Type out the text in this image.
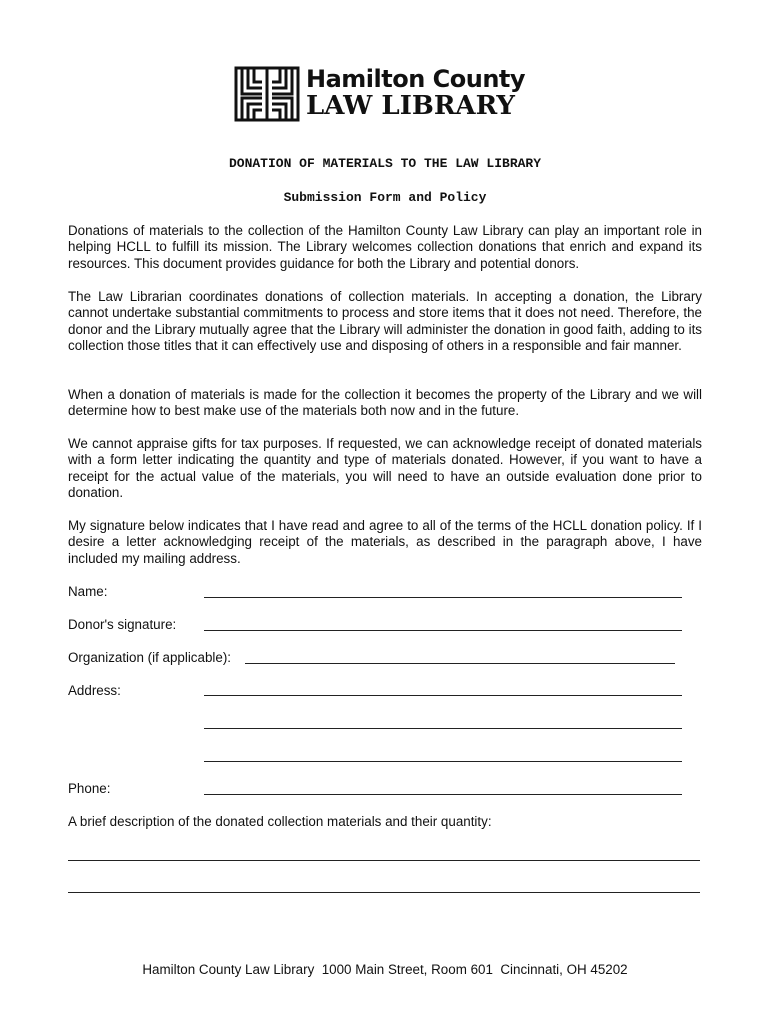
Hamilton County
LAW LIBRARY
DONATION OF MATERIALS TO THE LAW LIBRARY
Submission Form and Policy

Donations of materials to the collection of the Hamilton County Law Library can play an important role in helping HCLL to fulfill its mission. The Library welcomes collection donations that enrich and expand its resources. This document provides guidance for both the Library and potential donors.

The Law Librarian coordinates donations of collection materials. In accepting a donation, the Library cannot undertake substantial commitments to process and store items that it does not need. Therefore, the donor and the Library mutually agree that the Library will administer the donation in good faith, adding to its collection those titles that it can effectively use and disposing of others in a responsible and fair manner.

When a donation of materials is made for the collection it becomes the property of the Library and we will determine how to best make use of the materials both now and in the future.

We cannot appraise gifts for tax purposes. If requested, we can acknowledge receipt of donated materials with a form letter indicating the quantity and type of materials donated. However, if you want to have a receipt for the actual value of the materials, you will need to have an outside evaluation done prior to donation.

My signature below indicates that I have read and agree to all of the terms of the HCLL donation policy. If I desire a letter acknowledging receipt of the materials, as described in the paragraph above, I have included my mailing address.

Name:
Donor's signature:
Organization (if applicable):
Address:
Phone:
A brief description of the donated collection materials and their quantity:
Hamilton County Law Library  1000 Main Street, Room 601  Cincinnati, OH 45202
